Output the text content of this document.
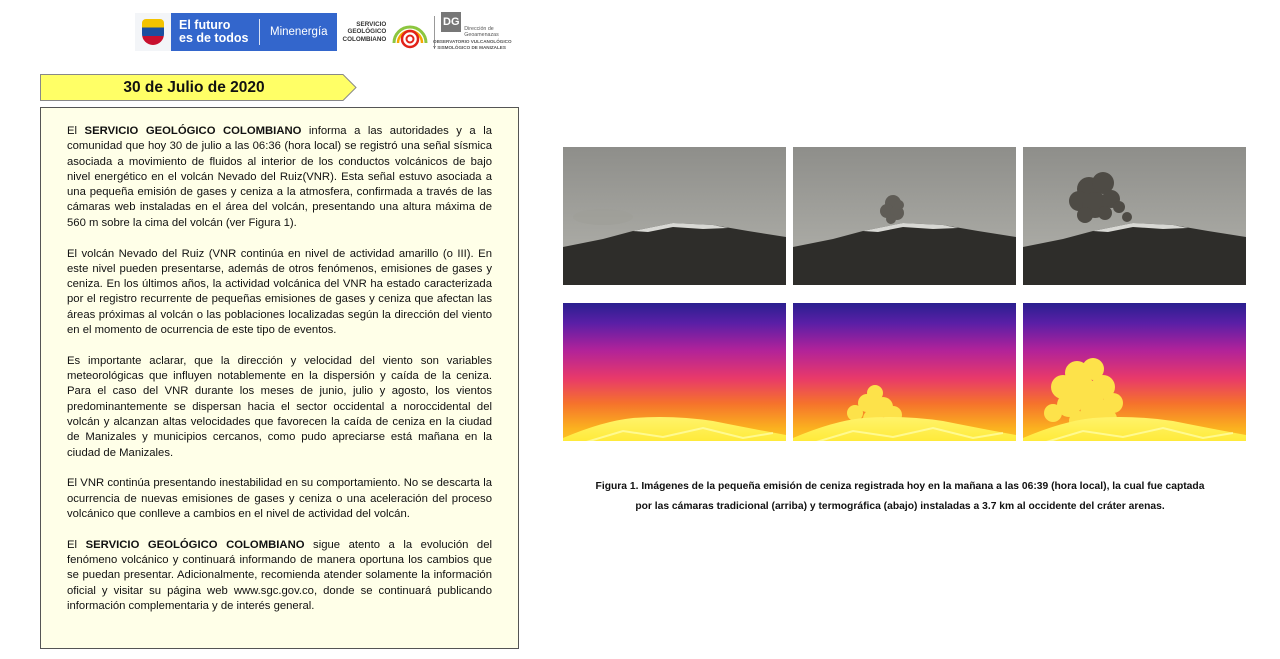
El futuro
es de todos	Minenergía
SERVICIO
GEOLÓGICO
COLOMBIANO
DG
Dirección de
Geoamenazas
OBSERVATORIO VULCANOLÓGICO
Y SISMOLÓGICO DE MANIZALES
30 de Julio de 2020

El SERVICIO GEOLÓGICO COLOMBIANO informa a las autoridades y a la comunidad que hoy 30 de julio a las 06:36 (hora local) se registró una señal sísmica asociada a movimiento de fluidos al interior de los conductos volcánicos de bajo nivel energético en el volcán Nevado del Ruiz(VNR). Esta señal estuvo asociada a una pequeña emisión de gases y ceniza a la atmosfera, confirmada a través de las cámaras web instaladas en el área del volcán, presentando una altura máxima de 560 m sobre la cima del volcán (ver Figura 1).

El volcán Nevado del Ruiz (VNR continúa en nivel de actividad amarillo (o III). En este nivel pueden presentarse, además de otros fenómenos, emisiones de gases y ceniza. En los últimos años, la actividad volcánica del VNR ha estado caracterizada por el registro recurrente de pequeñas emisiones de gases y ceniza que afectan las áreas próximas al volcán o las poblaciones localizadas según la dirección del viento en el momento de ocurrencia de este tipo de eventos.

Es importante aclarar, que la dirección y velocidad del viento son variables meteorológicas que influyen notablemente en la dispersión y caída de la ceniza. Para el caso del VNR durante los meses de junio, julio y agosto, los vientos predominantemente se dispersan hacia el sector occidental a noroccidental del volcán y alcanzan altas velocidades que favorecen la caída de ceniza en la ciudad de Manizales y municipios cercanos, como pudo apreciarse está mañana en la ciudad de Manizales.

El VNR continúa presentando inestabilidad en su comportamiento. No se descarta la ocurrencia de nuevas emisiones de gases y ceniza o una aceleración del proceso volcánico que conlleve a cambios en el nivel de actividad del volcán.

El SERVICIO GEOLÓGICO COLOMBIANO sigue atento a la evolución del fenómeno volcánico y continuará informando de manera oportuna los cambios que se puedan presentar. Adicionalmente, recomienda atender solamente la información oficial y visitar su página web www.sgc.gov.co, donde se continuará publicando información complementaria y de interés general.

Figura 1. Imágenes de la pequeña emisión de ceniza registrada hoy en la mañana a las 06:39 (hora local), la cual fue captada
por las cámaras tradicional (arriba) y termográfica (abajo) instaladas a 3.7 km al occidente del cráter arenas.
